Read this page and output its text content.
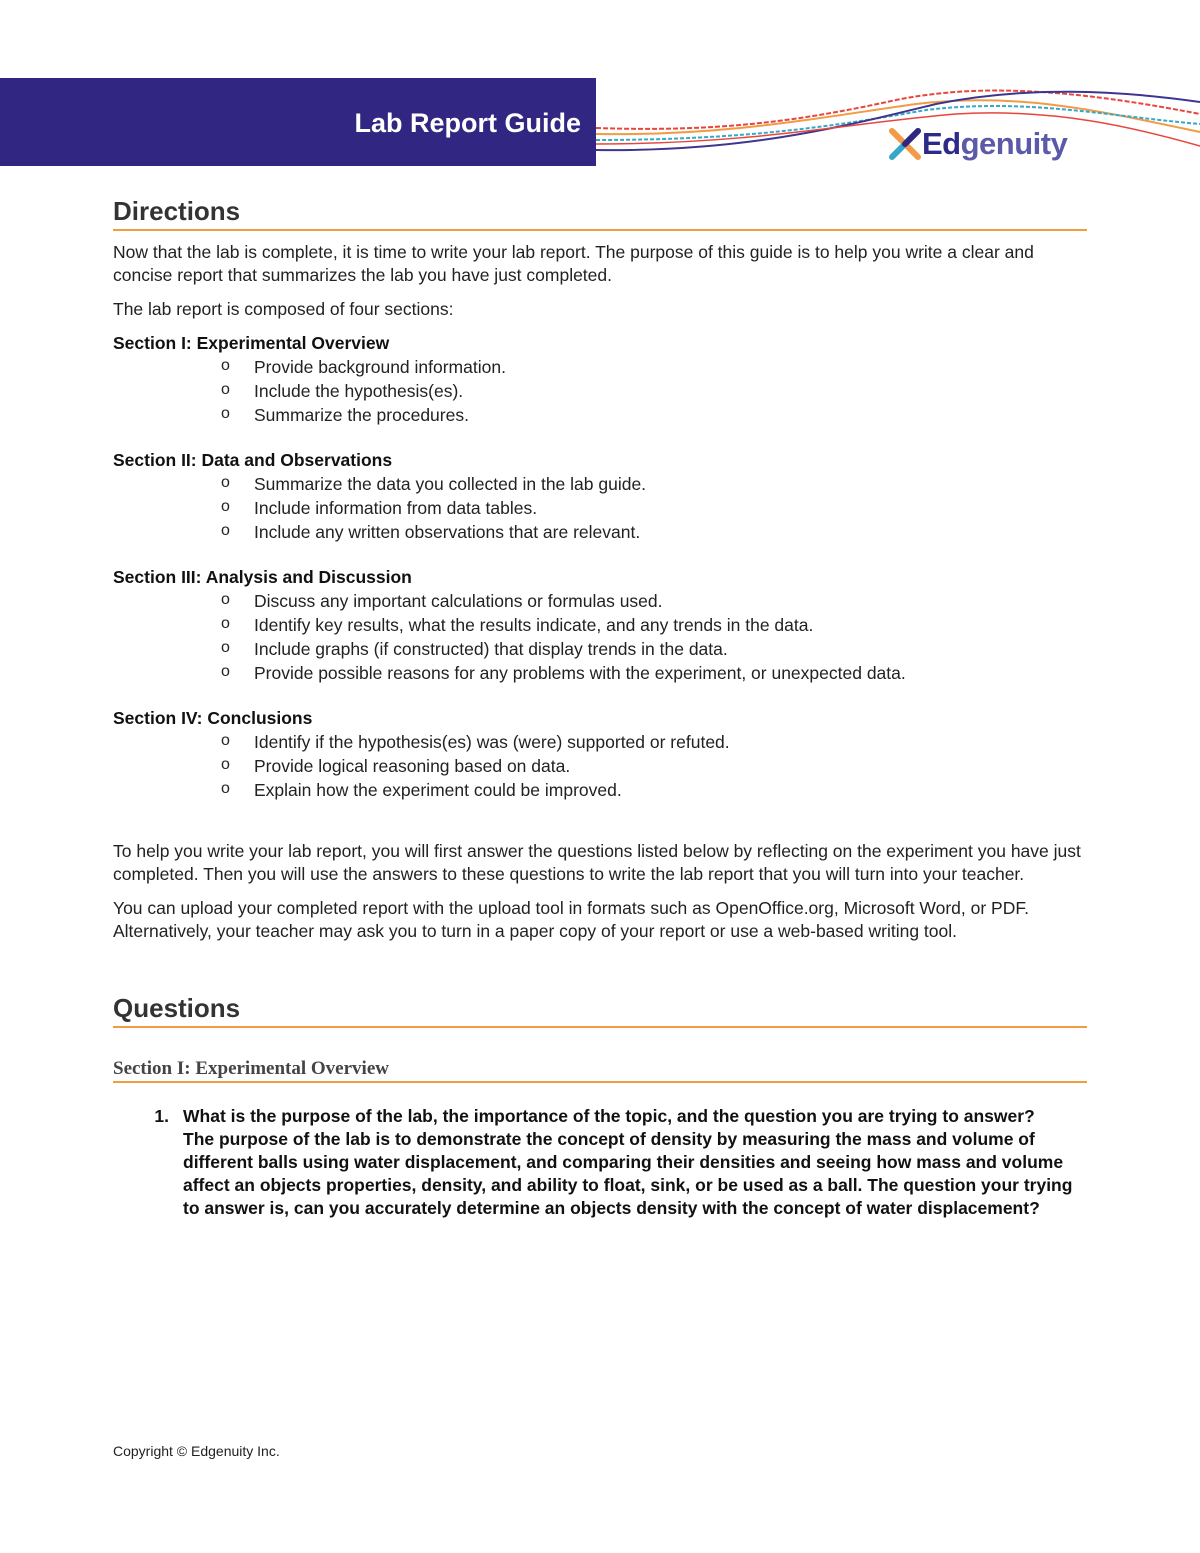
Lab Report Guide
Edgenuity
Directions

Now that the lab is complete, it is time to write your lab report. The purpose of this guide is to help you write a clear and concise report that summarizes the lab you have just completed.

The lab report is composed of four sections:

Section I: Experimental Overview
o Provide background information.
o Include the hypothesis(es).
o Summarize the procedures.
Section II: Data and Observations
o Summarize the data you collected in the lab guide.
o Include information from data tables.
o Include any written observations that are relevant.
Section III: Analysis and Discussion
o Discuss any important calculations or formulas used.
o Identify key results, what the results indicate, and any trends in the data.
o Include graphs (if constructed) that display trends in the data.
o Provide possible reasons for any problems with the experiment, or unexpected data.
Section IV: Conclusions
o Identify if the hypothesis(es) was (were) supported or refuted.
o Provide logical reasoning based on data.
o Explain how the experiment could be improved.

To help you write your lab report, you will first answer the questions listed below by reflecting on the experiment you have just completed. Then you will use the answers to these questions to write the lab report that you will turn into your teacher.

You can upload your completed report with the upload tool in formats such as OpenOffice.org, Microsoft Word, or PDF. Alternatively, your teacher may ask you to turn in a paper copy of your report or use a web-based writing tool.

Questions
Section I: Experimental Overview
1. What is the purpose of the lab, the importance of the topic, and the question you are trying to answer?
The purpose of the lab is to demonstrate the concept of density by measuring the mass and volume of different balls using water displacement, and comparing their densities and seeing how mass and volume affect an objects properties, density, and ability to float, sink, or be used as a ball. The question your trying to answer is, can you accurately determine an objects density with the concept of water displacement?
Copyright © Edgenuity Inc.
